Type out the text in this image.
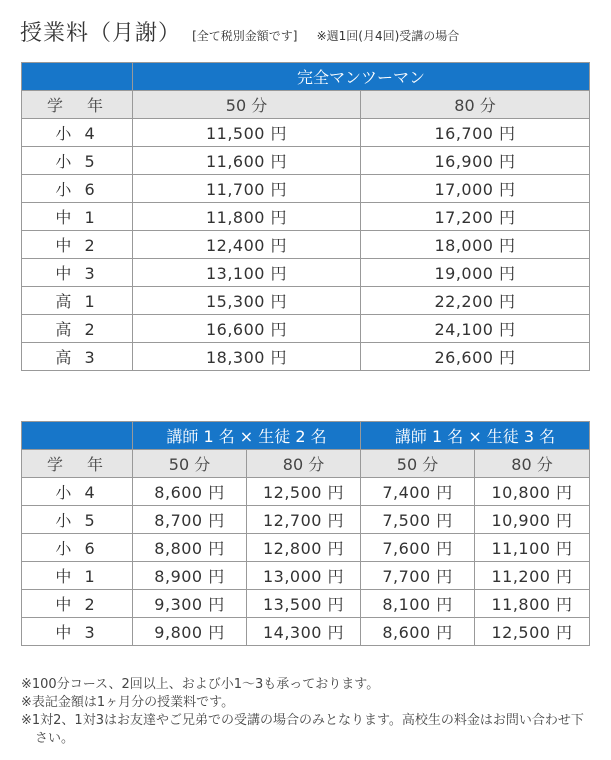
授業料（月謝） [全て税別金額です] ※週1回(月4回)受講の場合
	完全マンツーマン	
学　年	50 分	80 分
小 4	11,500 円	16,700 円
小 5	11,600 円	16,900 円
小 6	11,700 円	17,000 円
中 1	11,800 円	17,200 円
中 2	12,400 円	18,000 円
中 3	13,100 円	19,000 円
高 1	15,300 円	22,200 円
高 2	16,600 円	24,100 円
高 3	18,300 円	26,600 円
	講師 1 名 × 生徒 2 名		講師 1 名 × 生徒 3 名	
学　年	50 分	80 分	50 分	80 分
小 4	8,600 円	12,500 円	7,400 円	10,800 円
小 5	8,700 円	12,700 円	7,500 円	10,900 円
小 6	8,800 円	12,800 円	7,600 円	11,100 円
中 1	8,900 円	13,000 円	7,700 円	11,200 円
中 2	9,300 円	13,500 円	8,100 円	11,800 円
中 3	9,800 円	14,300 円	8,600 円	12,500 円
※100分コース、2回以上、および小1～3も承っております。
※表記金額は1ヶ月分の授業料です。
※1対2、1対3はお友達やご兄弟での受講の場合のみとなります。高校生の料金はお問い合わせ下さい。
